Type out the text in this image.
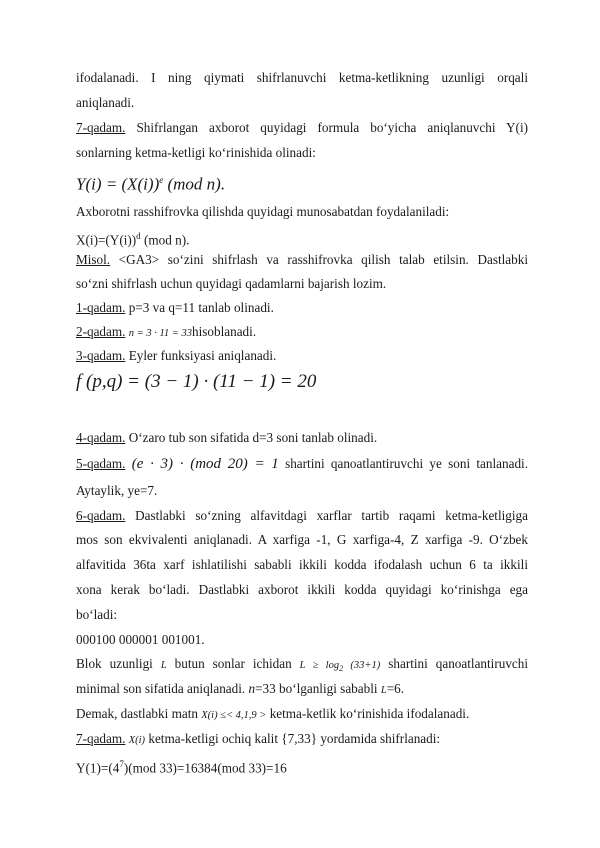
ifodalanadi. I ning qiymati shifrlanuvchi ketma-ketlikning uzunligi orqali
aniqlanadi.
7-qadam. Shifrlangan axborot quyidagi formula bo‘yicha aniqlanuvchi Y(i)
sonlarning ketma-ketligi ko‘rinishida olinadi:
$Y(i) = (X(i))^e$ (mod n).
Axborotni rasshifrovka qilishda quyidagi munosabatdan foydalaniladi:
$X(i)=(Y(i))^d$ (mod n).
Misol. <GA3> so‘zini shifrlash va rasshifrovka qilish talab etilsin. Dastlabki
so‘zni shifrlash uchun quyidagi qadamlarni bajarish lozim.
1-qadam. p=3 va q=11 tanlab olinadi.
2-qadam. n = 3 · 11 = 33hisoblanadi.
3-qadam. Eyler funksiyasi aniqlanadi.
f (p,q) = (3 − 1) · (11 − 1) = 20
4-qadam. O‘zaro tub son sifatida d=3 soni tanlab olinadi.
5-qadam. (e · 3) · (mod 20) = 1 shartini qanoatlantiruvchi ye soni tanlanadi.
Aytaylik, ye=7.
6-qadam. Dastlabki so‘zning alfavitdagi xarflar tartib raqami ketma-ketligiga
mos son ekvivalenti aniqlanadi. A xarfiga -1, G xarfiga-4, Z xarfiga -9. O‘zbek
alfavitida 36ta xarf ishlatilishi sababli ikkili kodda ifodalash uchun 6 ta ikkili
xona kerak bo‘ladi. Dastlabki axborot ikkili kodda quyidagi ko‘rinishga ega
bo‘ladi:
000100 000001 001001.
Blok uzunligi L butun sonlar ichidan $L \ge \log_2 (33+1)$ shartini qanoatlantiruvchi
minimal son sifatida aniqlanadi. n=33 bo‘lganligi sababli L=6.
Demak, dastlabki matn X(i) ≤< 4,1,9 > ketma-ketlik ko‘rinishida ifodalanadi.
7-qadam. X(i) ketma-ketligi ochiq kalit {7,33} yordamida shifrlanadi:
$Y(1)=(4^7)(mod$ 33)=16384(mod 33)=16
